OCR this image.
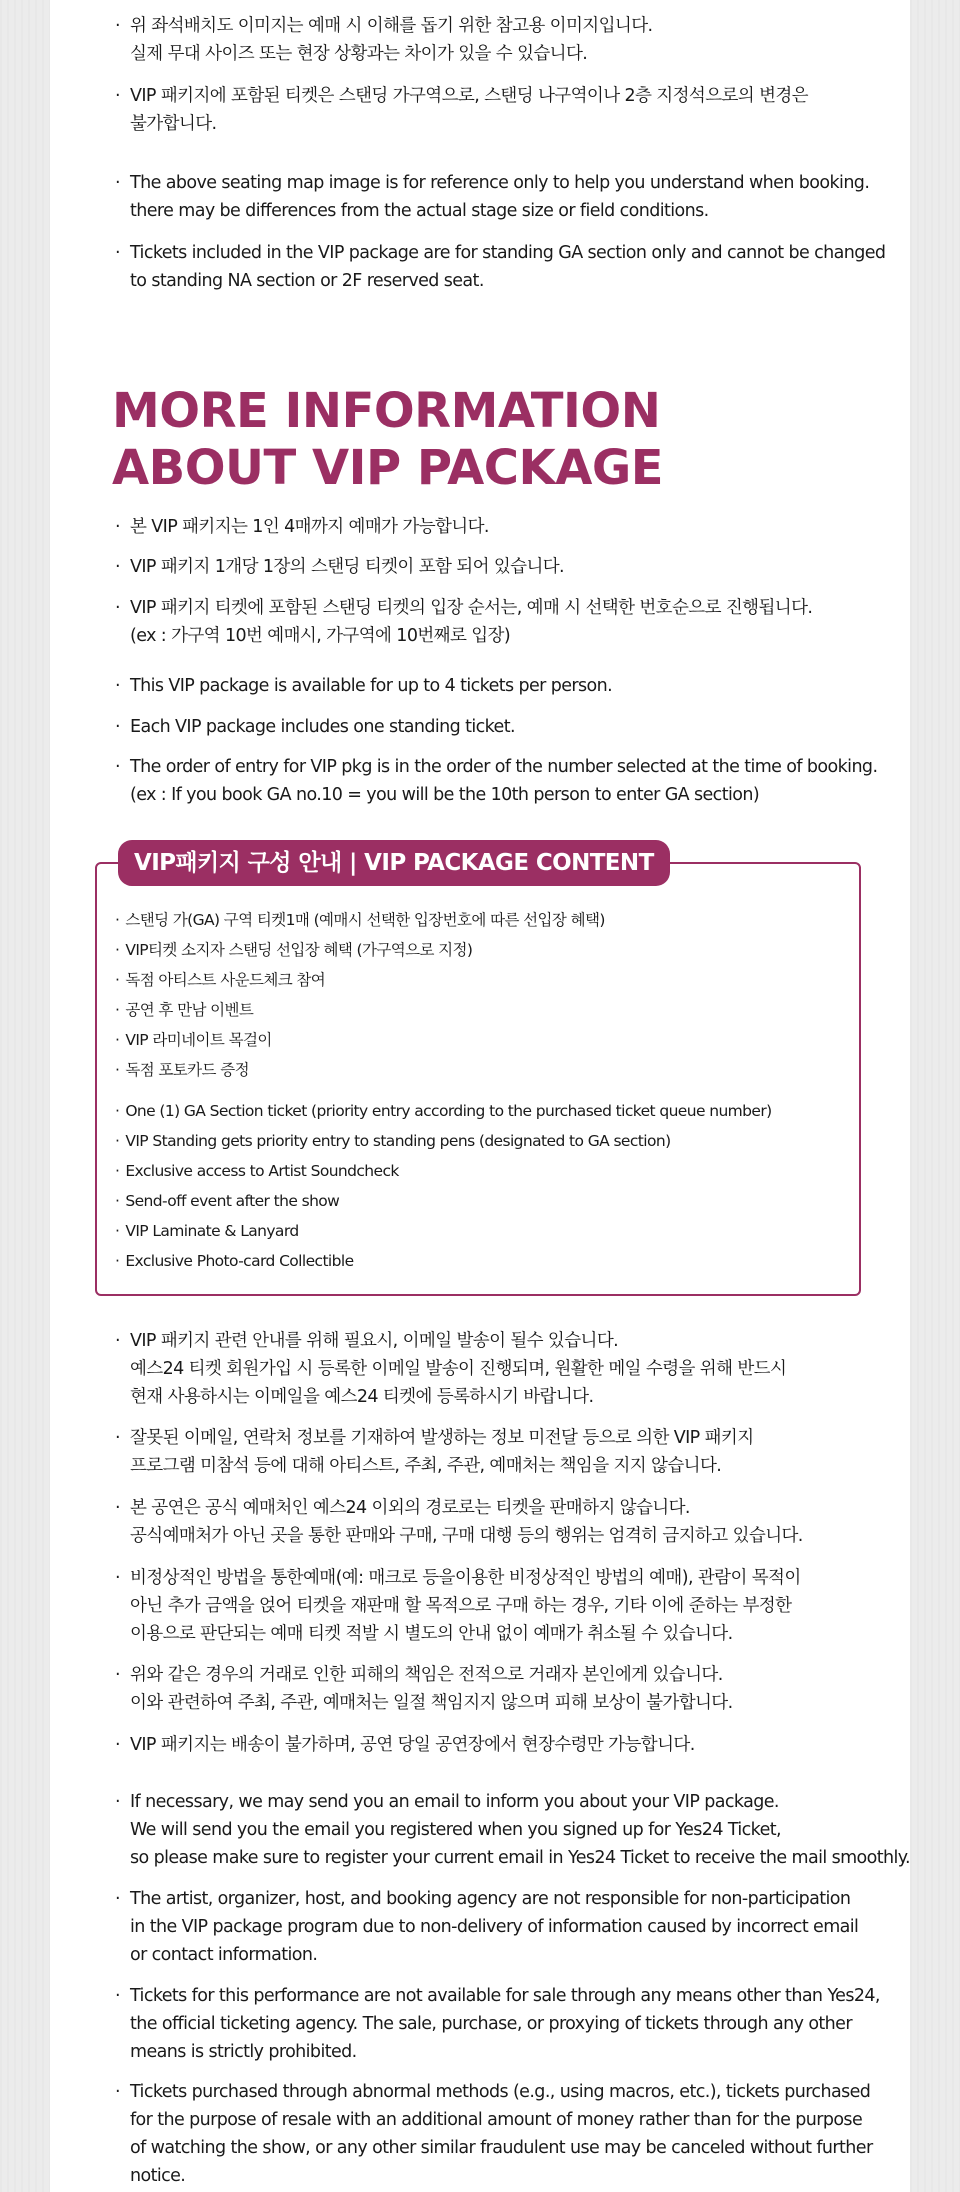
· 위 좌석배치도 이미지는 예매 시 이해를 돕기 위한 참고용 이미지입니다.
실제 무대 사이즈 또는 현장 상황과는 차이가 있을 수 있습니다.
· VIP 패키지에 포함된 티켓은 스탠딩 가구역으로, 스탠딩 나구역이나 2층 지정석으로의 변경은
불가합니다.
· The above seating map image is for reference only to help you understand when booking.
there may be differences from the actual stage size or field conditions.
· Tickets included in the VIP package are for standing GA section only and cannot be changed
to standing NA section or 2F reserved seat.
MORE INFORMATION
ABOUT VIP PACKAGE
· 본 VIP 패키지는 1인 4매까지 예매가 가능합니다.
· VIP 패키지 1개당 1장의 스탠딩 티켓이 포함 되어 있습니다.
· VIP 패키지 티켓에 포함된 스탠딩 티켓의 입장 순서는, 예매 시 선택한 번호순으로 진행됩니다.
(ex : 가구역 10번 예매시, 가구역에 10번째로 입장)
· This VIP package is available for up to 4 tickets per person.
· Each VIP package includes one standing ticket.
· The order of entry for VIP pkg is in the order of the number selected at the time of booking.
(ex : If you book GA no.10 = you will be the 10th person to enter GA section)
VIP패키지 구성 안내 | VIP PACKAGE CONTENT
· 스탠딩 가(GA) 구역 티켓1매 (예매시 선택한 입장번호에 따른 선입장 혜택)
· VIP티켓 소지자 스탠딩 선입장 혜택 (가구역으로 지정)
· 독점 아티스트 사운드체크 참여
· 공연 후 만남 이벤트
· VIP 라미네이트 목걸이
· 독점 포토카드 증정
· One (1) GA Section ticket (priority entry according to the purchased ticket queue number)
· VIP Standing gets priority entry to standing pens (designated to GA section)
· Exclusive access to Artist Soundcheck
· Send-off event after the show
· VIP Laminate & Lanyard
· Exclusive Photo-card Collectible
· VIP 패키지 관련 안내를 위해 필요시, 이메일 발송이 될수 있습니다.
예스24 티켓 회원가입 시 등록한 이메일 발송이 진행되며, 원활한 메일 수령을 위해 반드시
현재 사용하시는 이메일을 예스24 티켓에 등록하시기 바랍니다.
· 잘못된 이메일, 연락처 정보를 기재하여 발생하는 정보 미전달 등으로 의한 VIP 패키지
프로그램 미참석 등에 대해 아티스트, 주최, 주관, 예매처는 책임을 지지 않습니다.
· 본 공연은 공식 예매처인 예스24 이외의 경로로는 티켓을 판매하지 않습니다.
공식예매처가 아닌 곳을 통한 판매와 구매, 구매 대행 등의 행위는 엄격히 금지하고 있습니다.
· 비정상적인 방법을 통한예매(예: 매크로 등을이용한 비정상적인 방법의 예매), 관람이 목적이
아닌 추가 금액을 얹어 티켓을 재판매 할 목적으로 구매 하는 경우, 기타 이에 준하는 부정한
이용으로 판단되는 예매 티켓 적발 시 별도의 안내 없이 예매가 취소될 수 있습니다.
· 위와 같은 경우의 거래로 인한 피해의 책임은 전적으로 거래자 본인에게 있습니다.
이와 관련하여 주최, 주관, 예매처는 일절 책임지지 않으며 피해 보상이 불가합니다.
· VIP 패키지는 배송이 불가하며, 공연 당일 공연장에서 현장수령만 가능합니다.
· If necessary, we may send you an email to inform you about your VIP package.
We will send you the email you registered when you signed up for Yes24 Ticket,
so please make sure to register your current email in Yes24 Ticket to receive the mail smoothly.
· The artist, organizer, host, and booking agency are not responsible for non-participation
in the VIP package program due to non-delivery of information caused by incorrect email
or contact information.
· Tickets for this performance are not available for sale through any means other than Yes24,
the official ticketing agency. The sale, purchase, or proxying of tickets through any other
means is strictly prohibited.
· Tickets purchased through abnormal methods (e.g., using macros, etc.), tickets purchased
for the purpose of resale with an additional amount of money rather than for the purpose
of watching the show, or any other similar fraudulent use may be canceled without further
notice.
